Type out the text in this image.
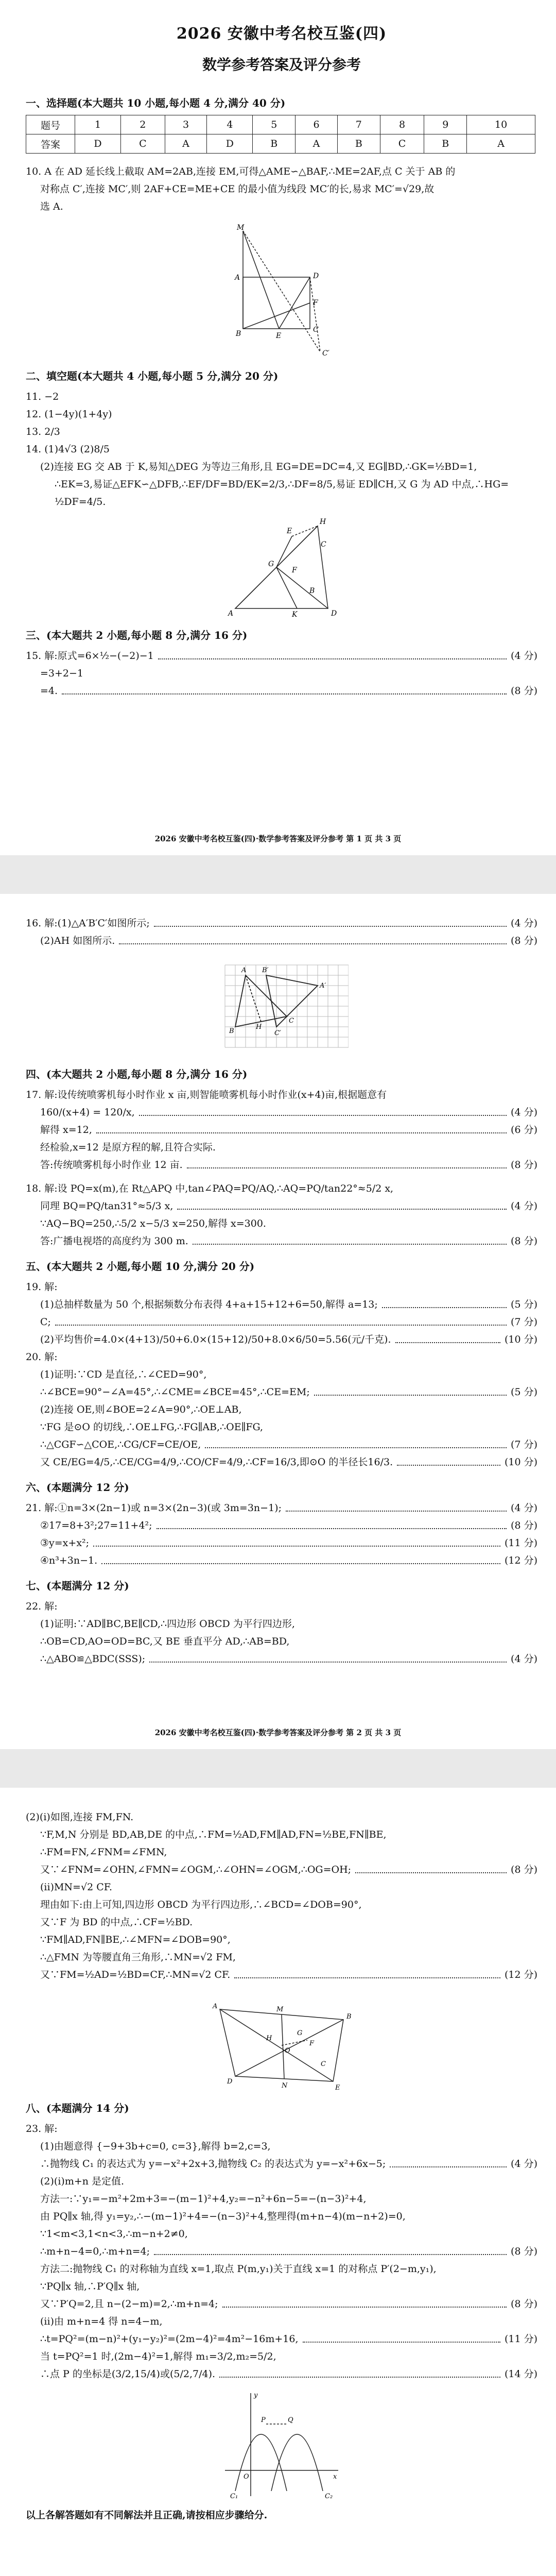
2026 安徽中考名校互鉴(四)
数学参考答案及评分参考
一、选择题(本大题共 10 小题,每小题 4 分,满分 40 分)
题号	1	2	3	4	5	6	7	8	9	10
答案	D	C	A	D	B	A	B	C	B	A
10. A 在 AD 延长线上截取 AM=2AB,连接 EM,可得△AME∽△BAF,∴ME=2AF,点 C 关于 AB 的
对称点 C′,连接 MC′,则 2AF+CE=ME+CE 的最小值为线段 MC′的长,易求 MC′=√29,故
选 A.
M
A	D
B
F
C
C′
E
二、填空题(本大题共 4 小题,每小题 5 分,满分 20 分)
11. −2
12. (1−4y)(1+4y)
13. 2/3
14. (1)4√3 (2)8/5
(2)连接 EG 交 AB 于 K,易知△DEG 为等边三角形,且 EG=DE=DC=4,又 EG∥BD,∴GK=½BD=1,
∴EK=3,易证△EFK∽△DFB,∴EF/DF=BD/EK=2/3,∴DF=8/5,易证 ED∥CH,又 G 为 AD 中点,∴HG=
½DF=4/5.
E
H
G
A
F
K	D
C
B
三、(本大题共 2 小题,每小题 8 分,满分 16 分)
15. 解:原式=6×½−(−2)−1	(4 分)
=3+2−1
=4.	(8 分)
2026 安徽中考名校互鉴(四)·数学参考答案及评分参考 第 1 页 共 3 页
16. 解:(1)△A′B′C′如图所示;	(4 分)
(2)AH 如图所示.	(8 分)
A
B
C
A′
B′
C′
H
四、(本大题共 2 小题,每小题 8 分,满分 16 分)
17. 解:设传统喷雾机每小时作业 x 亩,则智能喷雾机每小时作业(x+4)亩,根据题意有
160/(x+4) = 120/x,	(4 分)
解得 x=12,	(6 分)
经检验,x=12 是原方程的解,且符合实际.
答:传统喷雾机每小时作业 12 亩.	(8 分)
18. 解:设 PQ=x(m),在 Rt△APQ 中,tan∠PAQ=PQ/AQ,∴AQ=PQ/tan22°≈5/2 x,
同理 BQ=PQ/tan31°≈5/3 x,	(4 分)
∵AQ−BQ=250,∴5/2 x−5/3 x=250,解得 x=300.
答:广播电视塔的高度约为 300 m.	(8 分)
五、(本大题共 2 小题,每小题 10 分,满分 20 分)
19. 解:
(1)总抽样数量为 50 个,根据频数分布表得 4+a+15+12+6=50,解得 a=13;	(5 分)
C;	(7 分)
(2)平均售价=4.0×(4+13)/50+6.0×(15+12)/50+8.0×6/50=5.56(元/千克).	(10 分)
20. 解:
(1)证明:∵CD 是直径,∴∠CED=90°,
∴∠BCE=90°−∠A=45°,∴∠CME=∠BCE=45°,∴CE=EM;	(5 分)
(2)连接 OE,则∠BOE=2∠A=90°,∴OE⊥AB,
∵FG 是⊙O 的切线,∴OE⊥FG,∴FG∥AB,∴OE∥FG,
∴△CGF∽△COE,∴CG/CF=CE/OE,	(7 分)
又 CE/EG=4/5,∴CE/CG=4/9,∴CO/CF=4/9,∴CF=16/3,即⊙O 的半径长16/3.	(10 分)
六、(本题满分 12 分)
21. 解:①n=3×(2n−1)或 n=3×(2n−3)(或 3m=3n−1);	(4 分)
②17=8+3²;27=11+4²;	(8 分)
③y=x+x²;	(11 分)
④n³+3n−1.	(12 分)
七、(本题满分 12 分)
22. 解:
(1)证明:∵AD∥BC,BE∥CD,∴四边形 OBCD 为平行四边形,
∴OB=CD,AO=OD=BC,又 BE 垂直平分 AD,∴AB=BD,
∴△ABO≌△BDC(SSS);	(4 分)
2026 安徽中考名校互鉴(四)·数学参考答案及评分参考 第 2 页 共 3 页
(2)(i)如图,连接 FM,FN.
∵F,M,N 分别是 BD,AB,DE 的中点,∴FM=½AD,FM∥AD,FN=½BE,FN∥BE,
∴FM=FN,∠FNM=∠FMN,
又∵∠FNM=∠OHN,∠FMN=∠OGM,∴∠OHN=∠OGM,∴OG=OH;	(8 分)
(ii)MN=√2 CF.
理由如下:由上可知,四边形 OBCD 为平行四边形,∴∠BCD=∠DOB=90°,
又∵F 为 BD 的中点,∴CF=½BD.
∵FM∥AD,FN∥BE,∴∠MFN=∠DOB=90°,
∴△FMN 为等腰直角三角形,∴MN=√2 FM,
又∵FM=½AD=½BD=CF,∴MN=√2 CF.	(12 分)
A	M
B
E
N
O
H
G
F
D
C
八、(本题满分 14 分)
23. 解:
(1)由题意得 {−9+3b+c=0, c=3},解得 b=2,c=3,
∴抛物线 C₁ 的表达式为 y=−x²+2x+3,抛物线 C₂ 的表达式为 y=−x²+6x−5;	(4 分)
(2)(i)m+n 是定值.
方法一:∵y₁=−m²+2m+3=−(m−1)²+4,y₂=−n²+6n−5=−(n−3)²+4,
由 PQ∥x 轴,得 y₁=y₂,∴−(m−1)²+4=−(n−3)²+4,整理得(m+n−4)(m−n+2)=0,
∵1<m<3,1<n<3,∴m−n+2≠0,
∴m+n−4=0,∴m+n=4;	(8 分)
方法二:抛物线 C₁ 的对称轴为直线 x=1,取点 P(m,y₁)关于直线 x=1 的对称点 P′(2−m,y₁),
∵PQ∥x 轴,∴P′Q∥x 轴,
又∵P′Q=2,且 n−(2−m)=2,∴m+n=4;	(8 分)
(ii)由 m+n=4 得 n=4−m,
∴t=PQ²=(m−n)²+(y₁−y₂)²=(2m−4)²=4m²−16m+16,	(11 分)
当 t=PQ²=1 时,(2m−4)²=1,解得 m₁=3/2,m₂=5/2,
∴点 P 的坐标是(3/2,15/4)或(5/2,7/4).	(14 分)
y
x
O
P	Q
C₁	C₂
以上各解答题如有不同解法并且正确,请按相应步骤给分.
